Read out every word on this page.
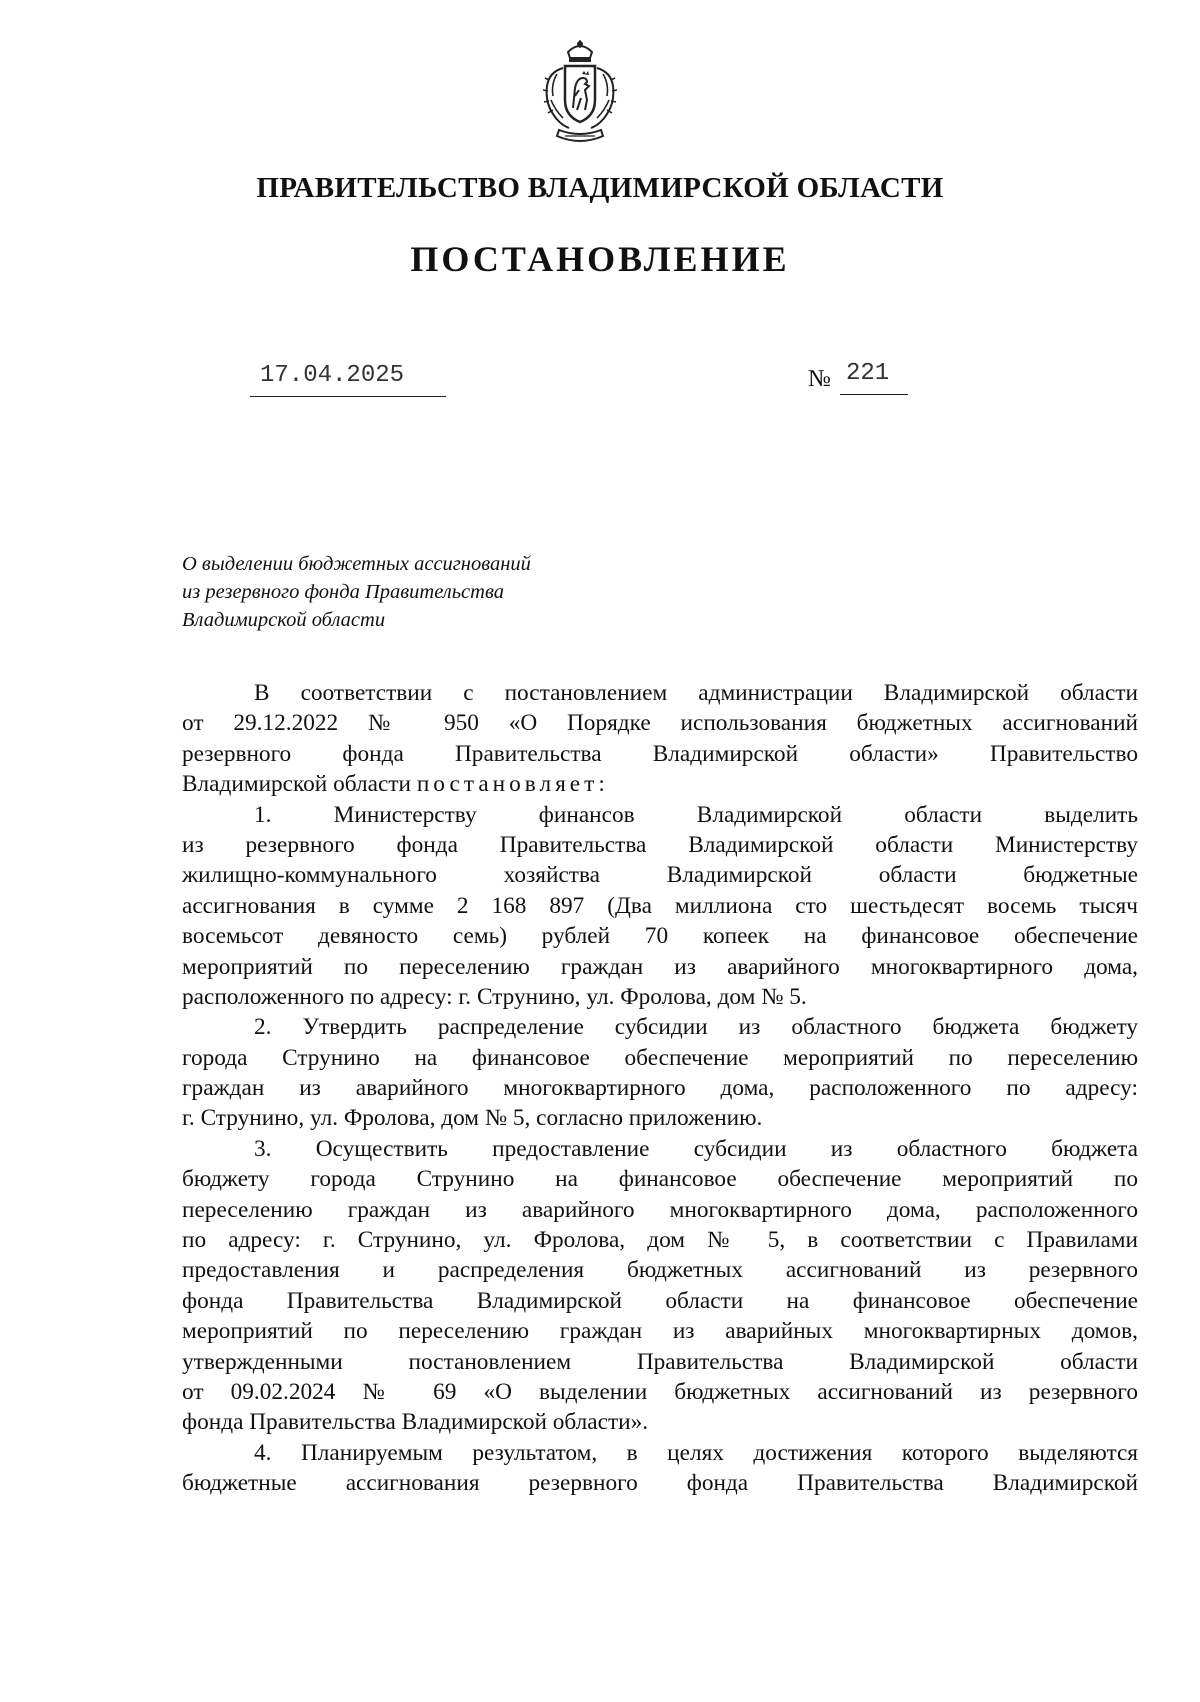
ПРАВИТЕЛЬСТВО ВЛАДИМИРСКОЙ ОБЛАСТИ
ПОСТАНОВЛЕНИЕ
17.04.2025	№ 221
О выделении бюджетных ассигнований
из резервного фонда Правительства
Владимирской области
В соответствии с постановлением администрации Владимирской области
от 29.12.2022 № 950 «О Порядке использования бюджетных ассигнований
резервного фонда Правительства Владимирской области» Правительство
Владимирской области постановляет:
1. Министерству финансов Владимирской области выделить
из резервного фонда Правительства Владимирской области Министерству
жилищно-коммунального хозяйства Владимирской области бюджетные
ассигнования в сумме 2 168 897 (Два миллиона сто шестьдесят восемь тысяч
восемьсот девяносто семь) рублей 70 копеек на финансовое обеспечение
мероприятий по переселению граждан из аварийного многоквартирного дома,
расположенного по адресу: г. Струнино, ул. Фролова, дом № 5.
2. Утвердить распределение субсидии из областного бюджета бюджету
города Струнино на финансовое обеспечение мероприятий по переселению
граждан из аварийного многоквартирного дома, расположенного по адресу:
г. Струнино, ул. Фролова, дом № 5, согласно приложению.
3. Осуществить предоставление субсидии из областного бюджета
бюджету города Струнино на финансовое обеспечение мероприятий по
переселению граждан из аварийного многоквартирного дома, расположенного
по адресу: г. Струнино, ул. Фролова, дом № 5, в соответствии с Правилами
предоставления и распределения бюджетных ассигнований из резервного
фонда Правительства Владимирской области на финансовое обеспечение
мероприятий по переселению граждан из аварийных многоквартирных домов,
утвержденными постановлением Правительства Владимирской области
от 09.02.2024 № 69 «О выделении бюджетных ассигнований из резервного
фонда Правительства Владимирской области».
4. Планируемым результатом, в целях достижения которого выделяются
бюджетные ассигнования резервного фонда Правительства Владимирской
